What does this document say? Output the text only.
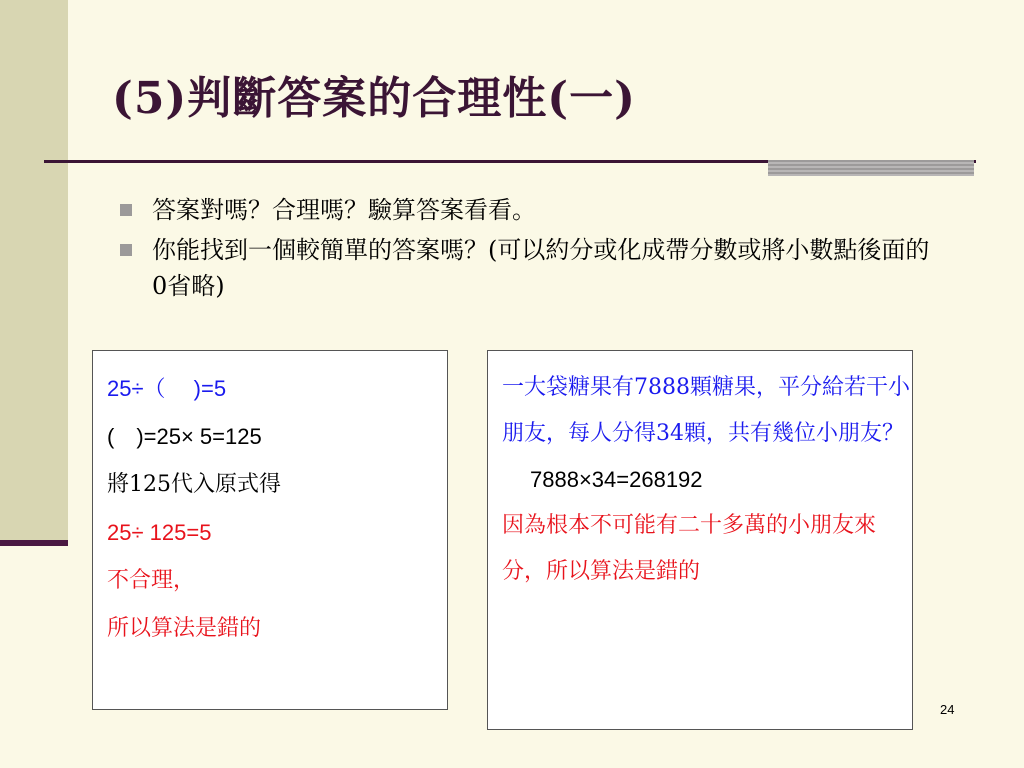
(5)判斷答案的合理性(一)
答案對嗎？合理嗎？驗算答案看看。
你能找到一個較簡單的答案嗎？(可以約分或化成帶分數或將小數點後面的0省略)

25÷（　 )=5

(　)=25× 5=125

將125代入原式得

25÷ 125=5

不合理，

所以算法是錯的

一大袋糖果有7888顆糖果，平分給若干小朋友，每人分得34顆，共有幾位小朋友？

7888×34=268192

因為根本不可能有二十多萬的小朋友來分，所以算法是錯的

24
